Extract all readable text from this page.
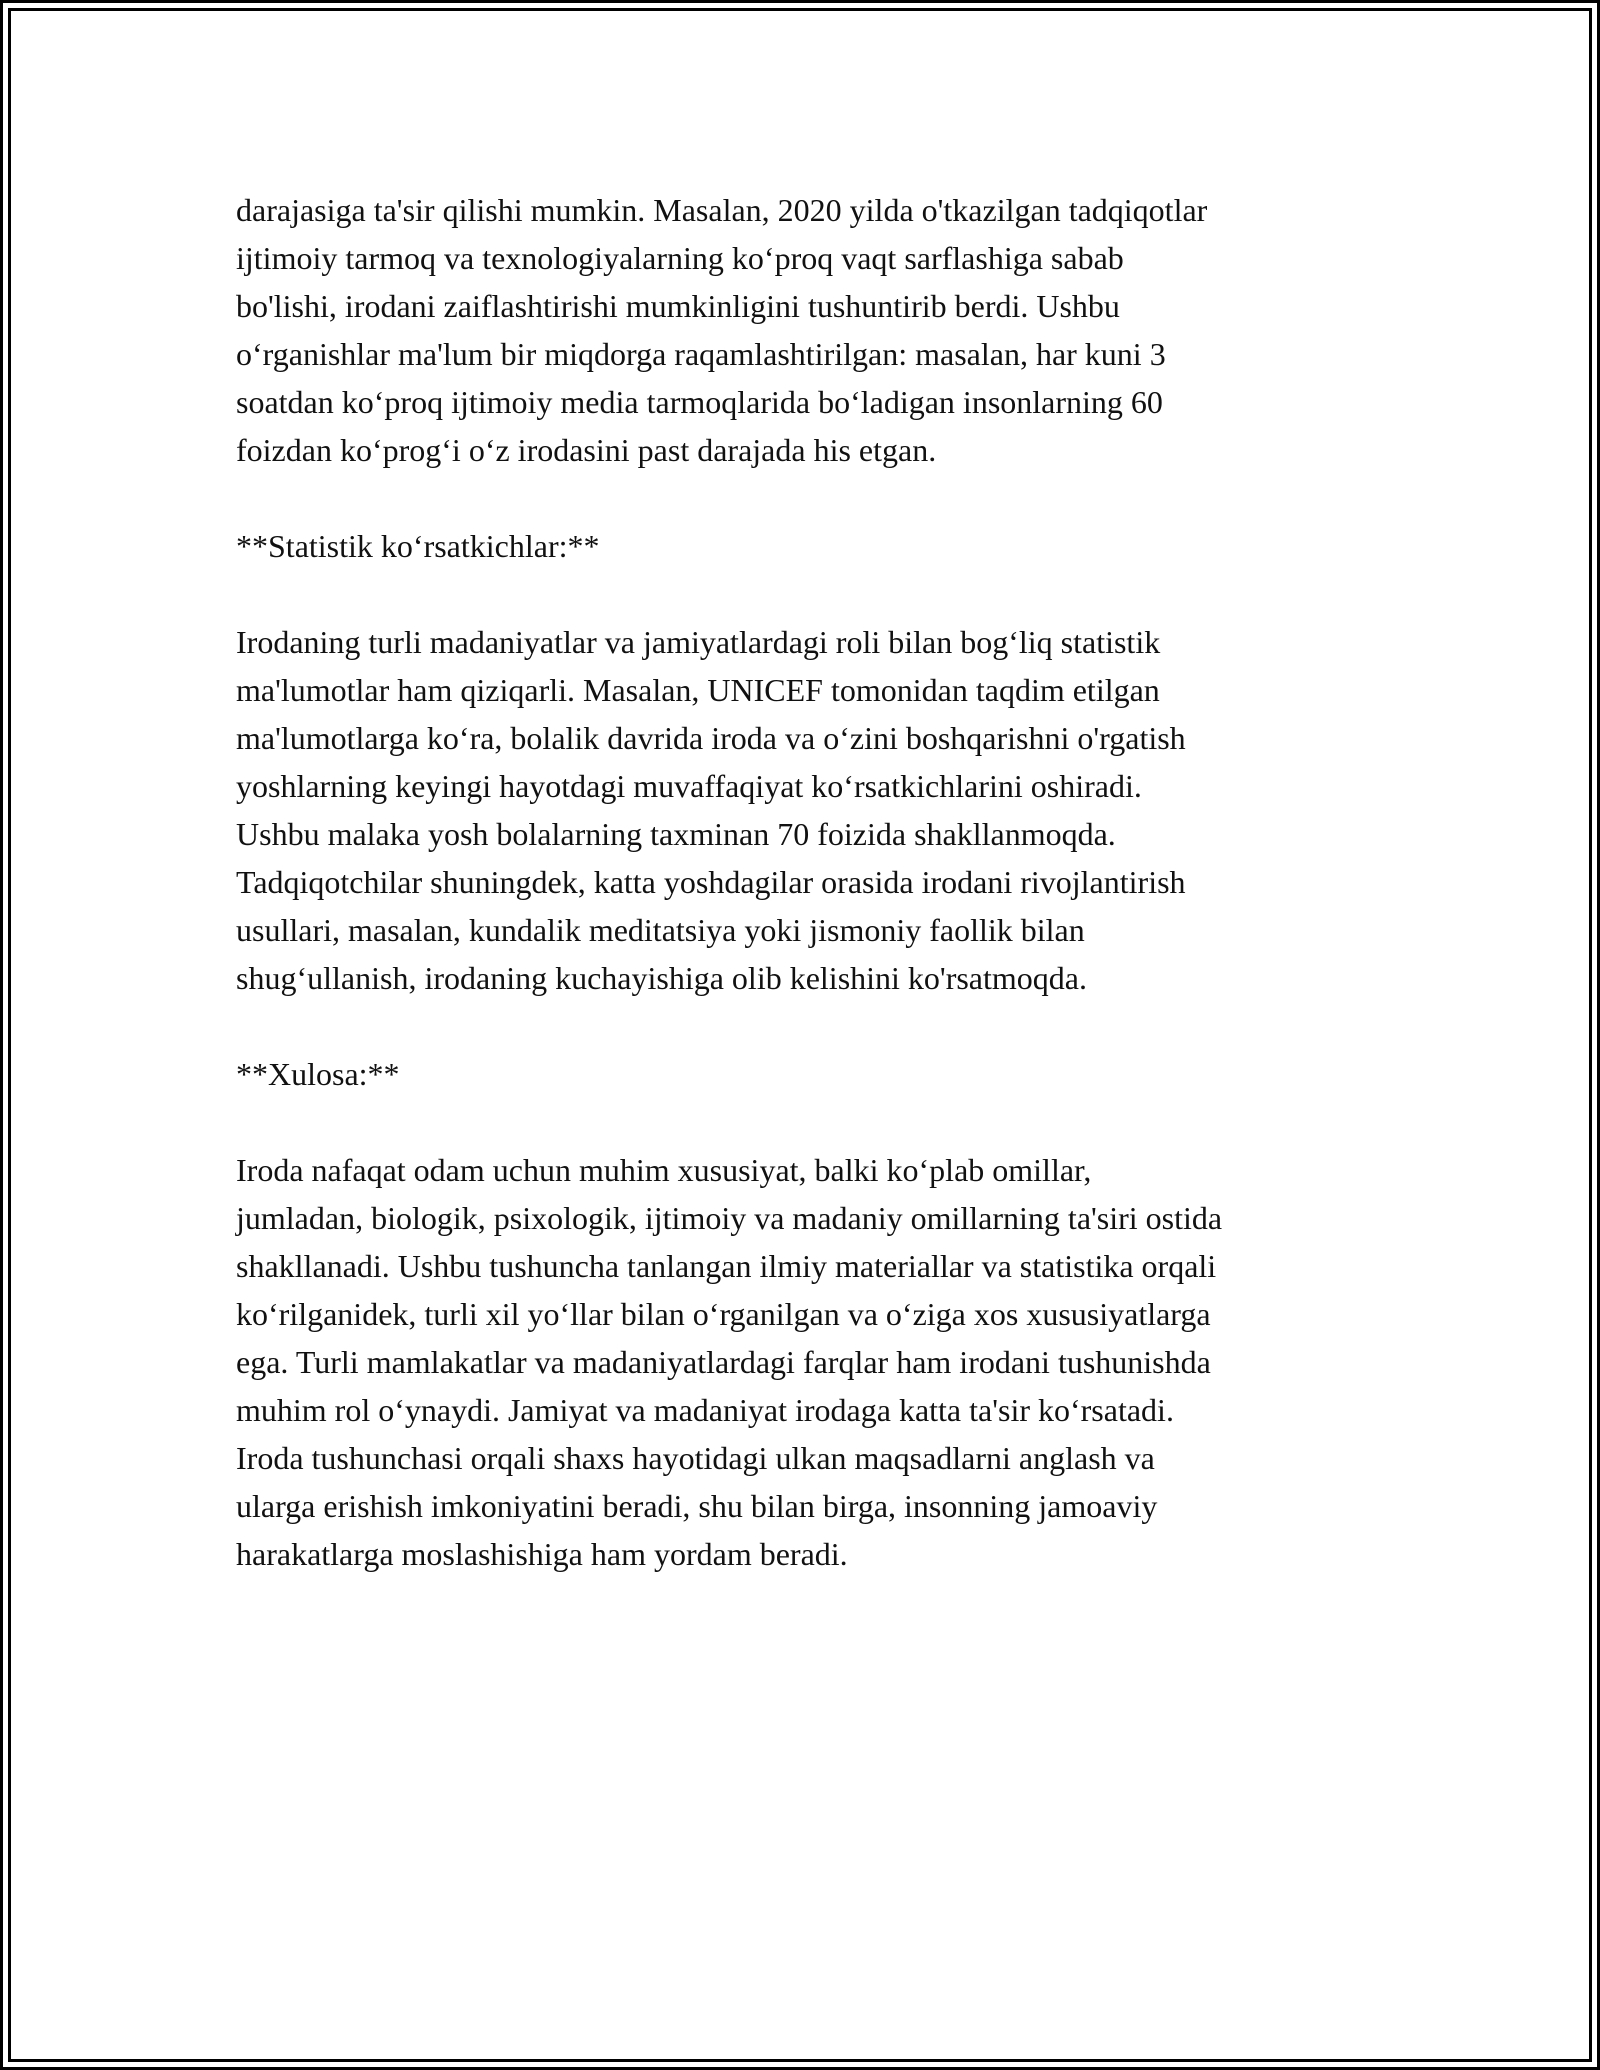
darajasiga ta'sir qilishi mumkin. Masalan, 2020 yilda o'tkazilgan tadqiqotlar
ijtimoiy tarmoq va texnologiyalarning ko‘proq vaqt sarflashiga sabab
bo'lishi, irodani zaiflashtirishi mumkinligini tushuntirib berdi. Ushbu
o‘rganishlar ma'lum bir miqdorga raqamlashtirilgan: masalan, har kuni 3
soatdan ko‘proq ijtimoiy media tarmoqlarida bo‘ladigan insonlarning 60
foizdan ko‘prog‘i o‘z irodasini past darajada his etgan.

**Statistik ko‘rsatkichlar:**

Irodaning turli madaniyatlar va jamiyatlardagi roli bilan bog‘liq statistik
ma'lumotlar ham qiziqarli. Masalan, UNICEF tomonidan taqdim etilgan
ma'lumotlarga ko‘ra, bolalik davrida iroda va o‘zini boshqarishni o'rgatish
yoshlarning keyingi hayotdagi muvaffaqiyat ko‘rsatkichlarini oshiradi.
Ushbu malaka yosh bolalarning taxminan 70 foizida shakllanmoqda.
Tadqiqotchilar shuningdek, katta yoshdagilar orasida irodani rivojlantirish
usullari, masalan, kundalik meditatsiya yoki jismoniy faollik bilan
shug‘ullanish, irodaning kuchayishiga olib kelishini ko'rsatmoqda.

**Xulosa:**

Iroda nafaqat odam uchun muhim xususiyat, balki ko‘plab omillar,
jumladan, biologik, psixologik, ijtimoiy va madaniy omillarning ta'siri ostida
shakllanadi. Ushbu tushuncha tanlangan ilmiy materiallar va statistika orqali
ko‘rilganidek, turli xil yo‘llar bilan o‘rganilgan va o‘ziga xos xususiyatlarga
ega. Turli mamlakatlar va madaniyatlardagi farqlar ham irodani tushunishda
muhim rol o‘ynaydi. Jamiyat va madaniyat irodaga katta ta'sir ko‘rsatadi.
Iroda tushunchasi orqali shaxs hayotidagi ulkan maqsadlarni anglash va
ularga erishish imkoniyatini beradi, shu bilan birga, insonning jamoaviy
harakatlarga moslashishiga ham yordam beradi.
